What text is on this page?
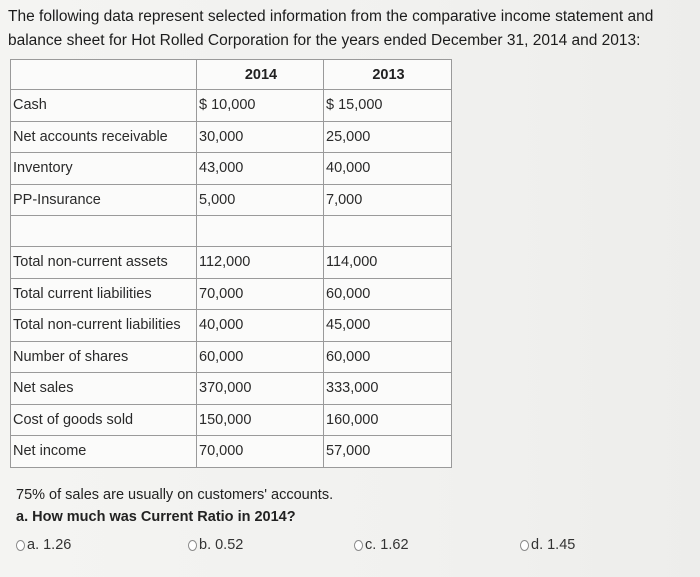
The following data represent selected information from the comparative income statement and balance sheet for Hot Rolled Corporation for the years ended December 31, 2014 and 2013:

	2014	2013
Cash	$ 10,000	$ 15,000
Net accounts receivable	30,000	25,000
Inventory	43,000	40,000
PP-Insurance	5,000	7,000

Total non-current assets	112,000	114,000
Total current liabilities	70,000	60,000
Total non-current liabilities	40,000	45,000
Number of shares	60,000	60,000
Net sales	370,000	333,000
Cost of goods sold	150,000	160,000
Net income	70,000	57,000
75% of sales are usually on customers' accounts.
a. How much was Current Ratio in 2014?
a. 1.26	b. 0.52	c. 1.62	d. 1.45
